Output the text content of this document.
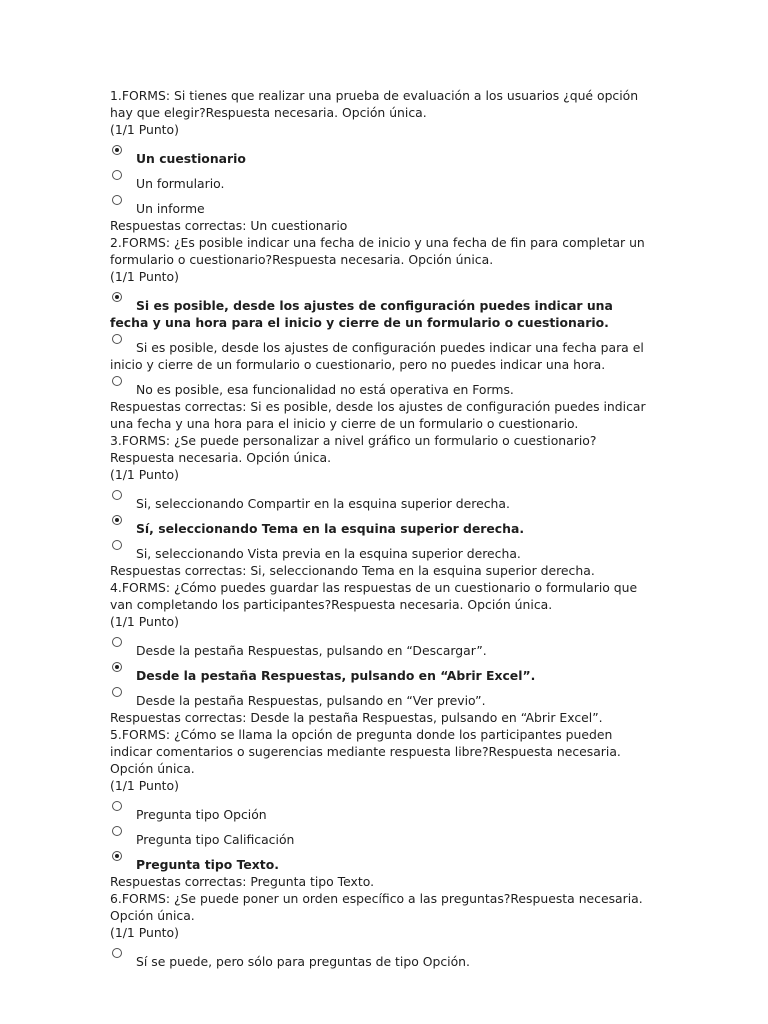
1.FORMS: Si tienes que realizar una prueba de evaluación a los usuarios ¿qué opción hay que elegir?Respuesta necesaria. Opción única.

(1/1 Punto)

Un cuestionario
Un formulario.
Un informe

Respuestas correctas: Un cuestionario

2.FORMS: ¿Es posible indicar una fecha de inicio y una fecha de fin para completar un formulario o cuestionario?Respuesta necesaria. Opción única.

(1/1 Punto)

Si es posible, desde los ajustes de configuración puedes indicar una fecha y una hora para el inicio y cierre de un formulario o cuestionario.
Si es posible, desde los ajustes de configuración puedes indicar una fecha para el inicio y cierre de un formulario o cuestionario, pero no puedes indicar una hora.
No es posible, esa funcionalidad no está operativa en Forms.

Respuestas correctas: Si es posible, desde los ajustes de configuración puedes indicar una fecha y una hora para el inicio y cierre de un formulario o cuestionario.

3.FORMS: ¿Se puede personalizar a nivel gráfico un formulario o cuestionario?Respuesta necesaria. Opción única.

(1/1 Punto)

Si, seleccionando Compartir en la esquina superior derecha.
Sí, seleccionando Tema en la esquina superior derecha.
Si, seleccionando Vista previa en la esquina superior derecha.

Respuestas correctas: Si, seleccionando Tema en la esquina superior derecha.

4.FORMS: ¿Cómo puedes guardar las respuestas de un cuestionario o formulario que van completando los participantes?Respuesta necesaria. Opción única.

(1/1 Punto)

Desde la pestaña Respuestas, pulsando en “Descargar”.
Desde la pestaña Respuestas, pulsando en “Abrir Excel”.
Desde la pestaña Respuestas, pulsando en “Ver previo”.

Respuestas correctas: Desde la pestaña Respuestas, pulsando en “Abrir Excel”.

5.FORMS: ¿Cómo se llama la opción de pregunta donde los participantes pueden indicar comentarios o sugerencias mediante respuesta libre?Respuesta necesaria. Opción única.

(1/1 Punto)

Pregunta tipo Opción
Pregunta tipo Calificación
Pregunta tipo Texto.

Respuestas correctas: Pregunta tipo Texto.

6.FORMS: ¿Se puede poner un orden específico a las preguntas?Respuesta necesaria. Opción única.

(1/1 Punto)

Sí se puede, pero sólo para preguntas de tipo Opción.
